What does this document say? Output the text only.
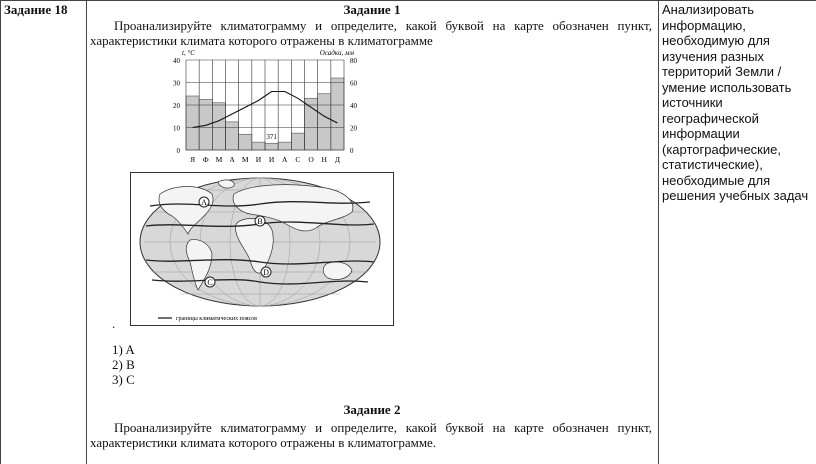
Задание 18	Задание 1
Проанализируйте климатограмму и определите, какой буквой на карте обозначен пункт, характеристики климата которого отражены в климатограмме
0
10
20
30
40
0
20
40
60
80
t, °C	Осадки, мм
371
Я Ф М А М И И А С О Н Д
A
B
C
D
границы климатических поясов
.
1) A
2) B
3) C
Задание 2
Проанализируйте климатограмму и определите, какой буквой на карте обозначен пункт, характеристики климата которого отражены в климатограмме.
Анализировать информацию, необходимую для изучения разных территорий Земли / умение использовать источники географической информации (картографические, статистические), необходимые для решения учебных задач
